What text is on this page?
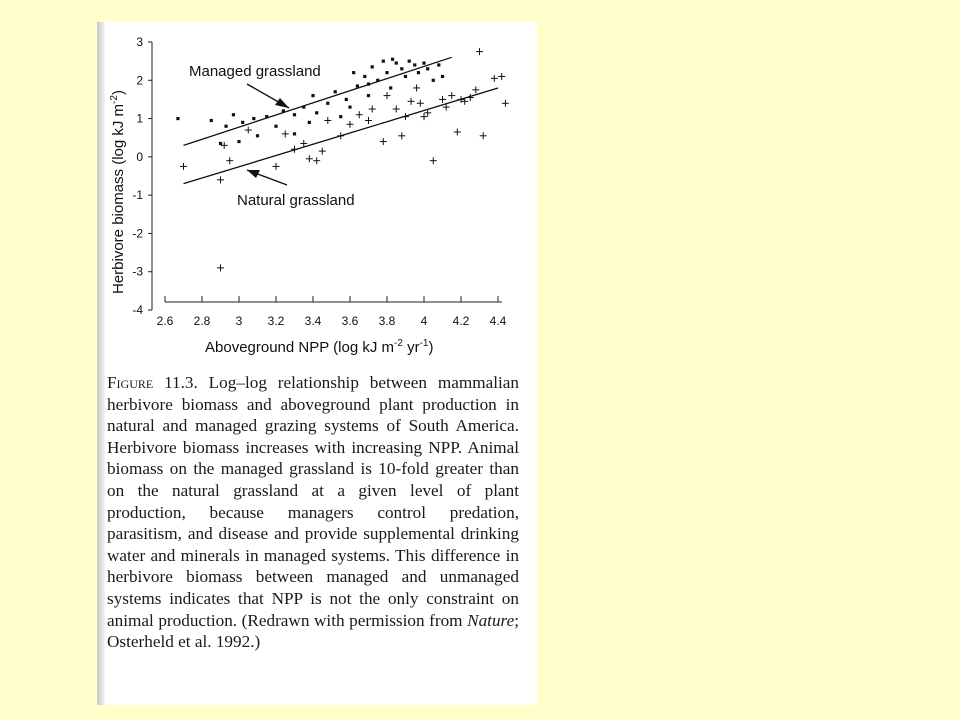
3
2
1
0
-1
-2
-3
-4
2.6 2.8 3 3.2 3.4 3.6 3.8 4 4.2 4.4
Aboveground NPP (log kJ $m^{-2}$ $yr^{-1}$)
Herbivore biomass (log kJ $m^{-2}$)
Managed grassland
Natural grassland

Figure 11.3. Log–log relationship between mammalian herbivore biomass and aboveground plant production in natural and managed grazing systems of South America. Herbivore biomass increases with increasing NPP. Animal biomass on the managed grassland is 10-fold greater than on the natural grassland at a given level of plant production, because managers control predation, parasitism, and disease and provide supplemental drinking water and minerals in managed systems. This difference in herbivore biomass between managed and unmanaged systems indicates that NPP is not the only constraint on animal production. (Redrawn with permission from Nature; Osterheld et al. 1992.)
